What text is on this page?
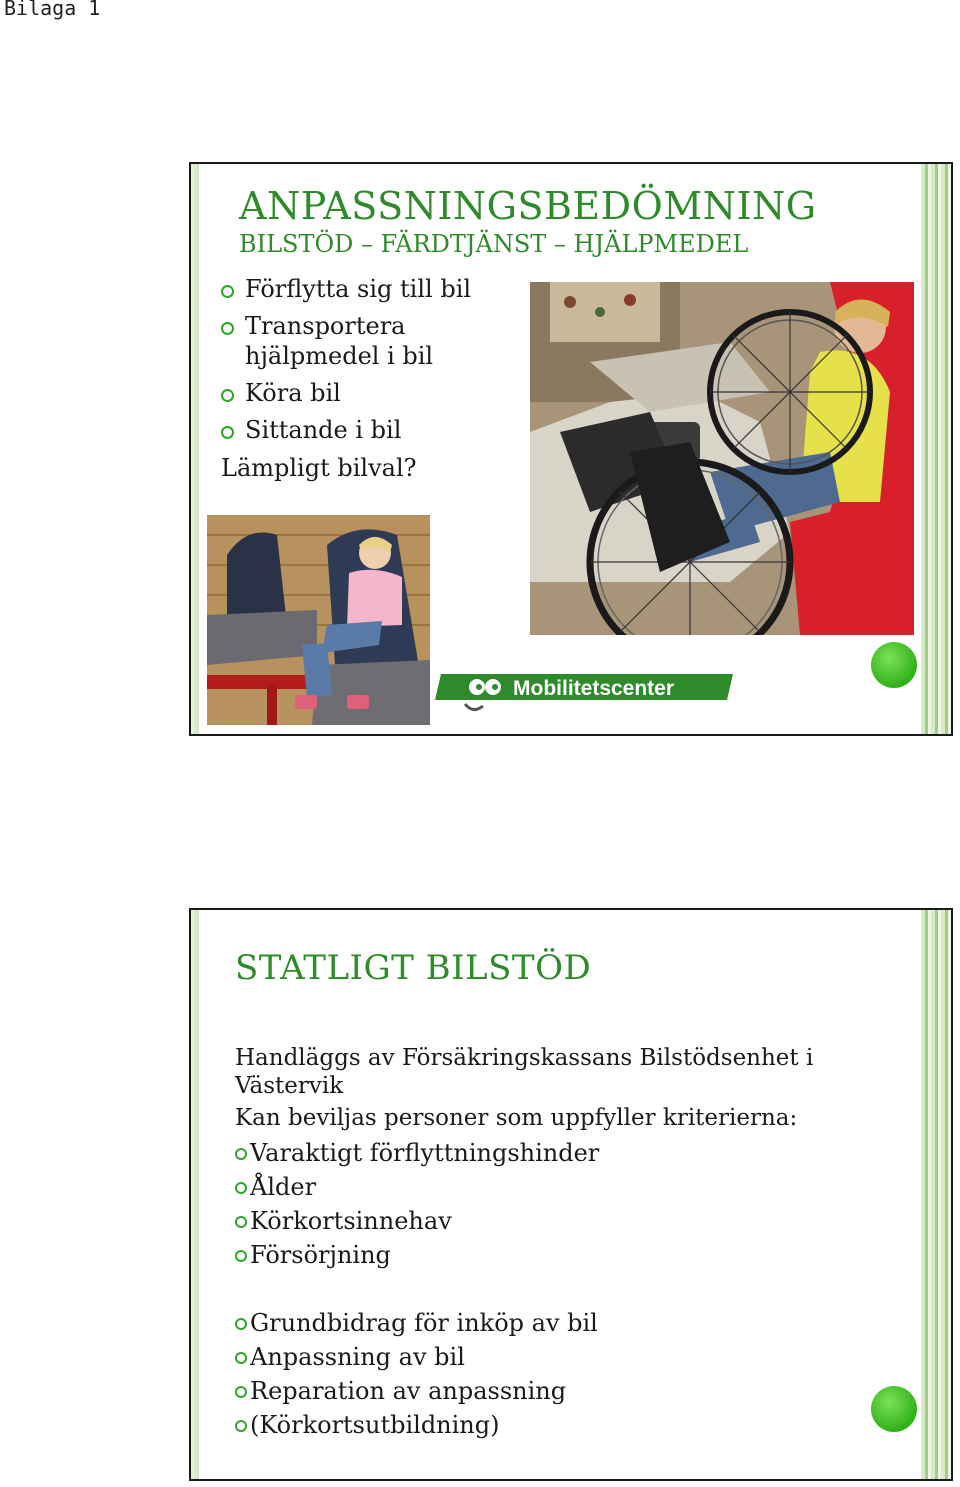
Bilaga 1
ANPASSNINGSBEDÖMNING
BILSTÖD – FÄRDTJÄNST – HJÄLPMEDEL
Förflytta sig till bil
Transportera hjälpmedel i bil
Köra bil
Sittande i bil
Lämpligt bilval?
Mobilitetscenter
STATLIGT BILSTÖD
Handläggs av Försäkringskassans Bilstödsenhet i Västervik
Kan beviljas personer som uppfyller kriterierna:
Varaktigt förflyttningshinder
Ålder
Körkortsinnehav
Försörjning
Grundbidrag för inköp av bil
Anpassning av bil
Reparation av anpassning
(Körkortsutbildning)
